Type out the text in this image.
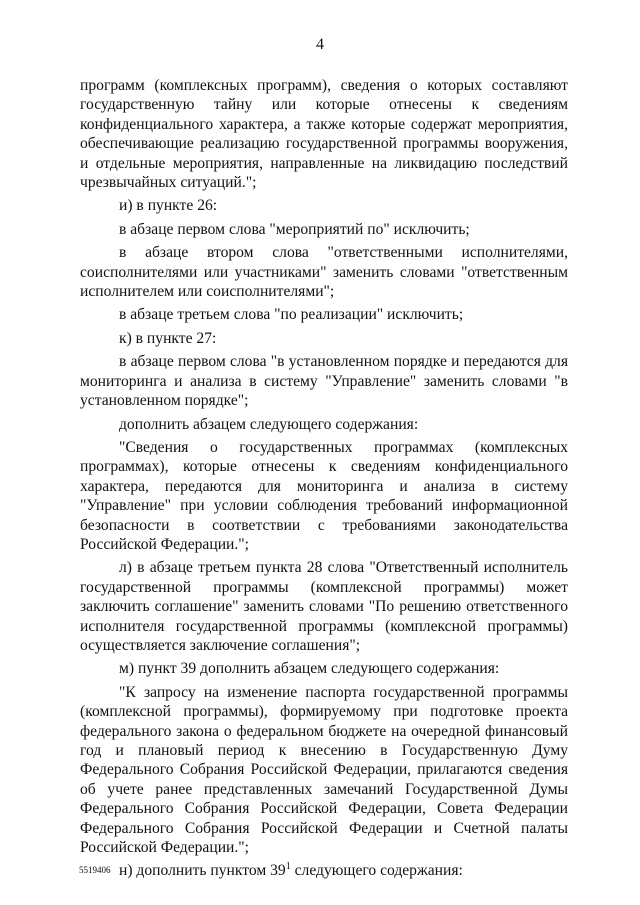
4

программ (комплексных программ), сведения о которых составляют государственную тайну или которые отнесены к сведениям конфиденциального характера, а также которые содержат мероприятия, обеспечивающие реализацию государственной программы вооружения, и отдельные мероприятия, направленные на ликвидацию последствий чрезвычайных ситуаций.";

и) в пункте 26:

в абзаце первом слова "мероприятий по" исключить;

в абзаце втором слова "ответственными исполнителями, соисполнителями или участниками" заменить словами "ответственным исполнителем или соисполнителями";

в абзаце третьем слова "по реализации" исключить;

к) в пункте 27:

в абзаце первом слова "в установленном порядке и передаются для мониторинга и анализа в систему "Управление" заменить словами "в установленном порядке";

дополнить абзацем следующего содержания:

"Сведения о государственных программах (комплексных программах), которые отнесены к сведениям конфиденциального характера, передаются для мониторинга и анализа в систему "Управление" при условии соблюдения требований информационной безопасности в соответствии с требованиями законодательства Российской Федерации.";

л) в абзаце третьем пункта 28 слова "Ответственный исполнитель государственной программы (комплексной программы) может заключить соглашение" заменить словами "По решению ответственного исполнителя государственной программы (комплексной программы) осуществляется заключение соглашения";

м) пункт 39 дополнить абзацем следующего содержания:

"К запросу на изменение паспорта государственной программы (комплексной программы), формируемому при подготовке проекта федерального закона о федеральном бюджете на очередной финансовый год и плановый период к внесению в Государственную Думу Федерального Собрания Российской Федерации, прилагаются сведения об учете ранее представленных замечаний Государственной Думы Федерального Собрания Российской Федерации, Совета Федерации Федерального Собрания Российской Федерации и Счетной палаты Российской Федерации.";

н) дополнить пунктом $39^1$ следующего содержания:

5519406
